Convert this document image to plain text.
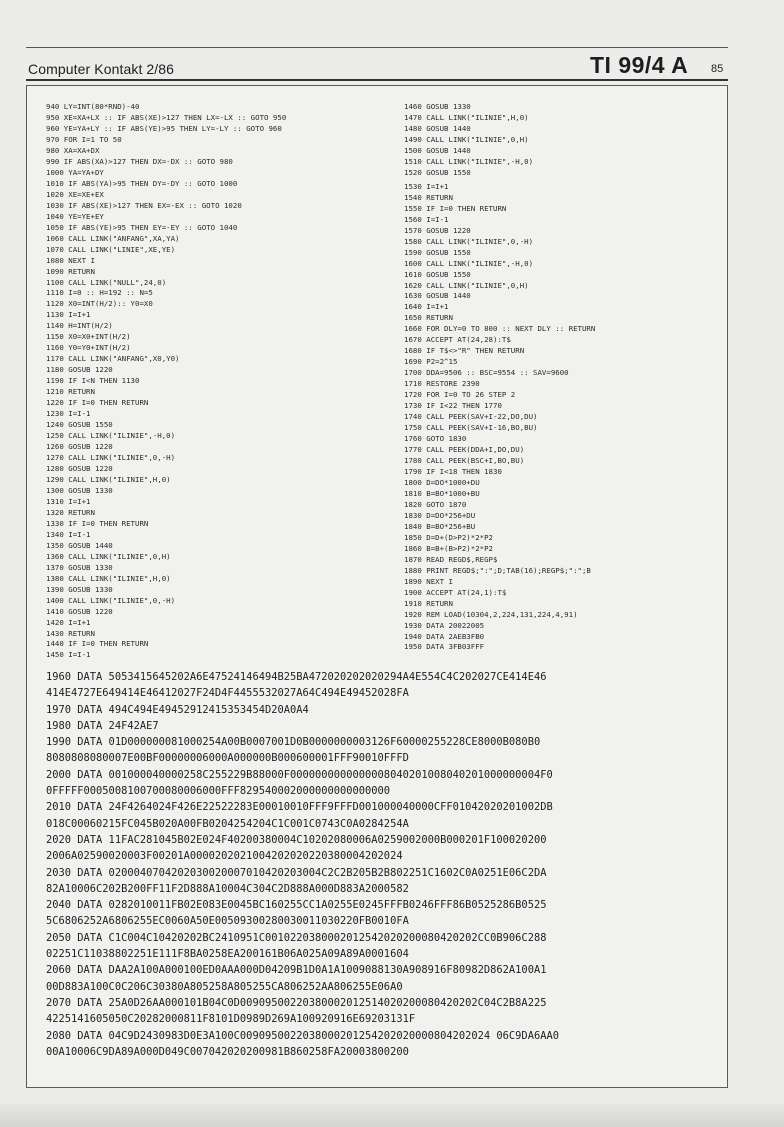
Computer Kontakt 2/86	TI 99/4 A 85
940 LY=INT(80*RND)-40
950 XE=XA+LX :: IF ABS(XE)>127 THEN LX=-LX :: GOTO 950
960 YE=YA+LY :: IF ABS(YE)>95 THEN LY=-LY :: GOTO 960
970 FOR I=1 TO 50
980 XA=XA+DX
990 IF ABS(XA)>127 THEN DX=-DX :: GOTO 980
1000 YA=YA+DY
1010 IF ABS(YA)>95 THEN DY=-DY :: GOTO 1000
1020 XE=XE+EX
1030 IF ABS(XE)>127 THEN EX=-EX :: GOTO 1020
1040 YE=YE+EY
1050 IF ABS(YE)>95 THEN EY=-EY :: GOTO 1040
1060 CALL LINK("ANFANG",XA,YA)
1070 CALL LINK("LINIE",XE,YE)
1080 NEXT I
1090 RETURN
1100 CALL LINK("NULL",24,0)
1110 I=0 :: H=192 :: N=5
1120 X0=INT(H/2):: Y0=X0
1130 I=I+1
1140 H=INT(H/2)
1150 X0=X0+INT(H/2)
1160 Y0=Y0+INT(H/2)
1170 CALL LINK("ANFANG",X0,Y0)
1180 GOSUB 1220
1190 IF I<N THEN 1130
1210 RETURN
1220 IF I=0 THEN RETURN
1230 I=I-1
1240 GOSUB 1550
1250 CALL LINK("ILINIE",-H,0)
1260 GOSUB 1220
1270 CALL LINK("ILINIE",0,-H)
1280 GOSUB 1220
1290 CALL LINK("ILINIE",H,0)
1300 GOSUB 1330
1310 I=I+1
1320 RETURN
1330 IF I=0 THEN RETURN
1340 I=I-1
1350 GOSUB 1440
1360 CALL LINK("ILINIE",0,H)
1370 GOSUB 1330
1380 CALL LINK("ILINIE",H,0)
1390 GOSUB 1330
1400 CALL LINK("ILINIE",0,-H)
1410 GOSUB 1220
1420 I=I+1
1430 RETURN
1440 IF I=0 THEN RETURN
1450 I=I-1
1460 GOSUB 1330
1470 CALL LINK("ILINIE",H,0)
1480 GOSUB 1440
1490 CALL LINK("ILINIE",0,H)
1500 GOSUB 1440
1510 CALL LINK("ILINIE",-H,0)
1520 GOSUB 1550
1530 I=I+1
1540 RETURN
1550 IF I=0 THEN RETURN
1560 I=I-1
1570 GOSUB 1220
1580 CALL LINK("ILINIE",0,-H)
1590 GOSUB 1550
1600 CALL LINK("ILINIE",-H,0)
1610 GOSUB 1550
1620 CALL LINK("ILINIE",0,H)
1630 GOSUB 1440
1640 I=I+1
1650 RETURN
1660 FOR DLY=0 TO 800 :: NEXT DLY :: RETURN
1670 ACCEPT AT(24,28):T$
1680 IF T$<>"R" THEN RETURN
1690 P2=2^15
1700 DDA=9506 :: BSC=9554 :: SAV=9600
1710 RESTORE 2390
1720 FOR I=0 TO 26 STEP 2
1730 IF I<22 THEN 1770
1740 CALL PEEK(SAV+I-22,DO,DU)
1750 CALL PEEK(SAV+I-16,BO,BU)
1760 GOTO 1830
1770 CALL PEEK(DDA+I,DO,DU)
1780 CALL PEEK(BSC+I,BO,BU)
1790 IF I<18 THEN 1830
1800 D=DO*1000+DU
1810 B=BO*1000+BU
1820 GOTO 1870
1830 D=DO*256+DU
1840 B=BO*256+BU
1850 D=D+(D>P2)*2*P2
1860 B=B+(B>P2)*2*P2
1870 READ REGD$,REGP$
1880 PRINT REGD$;":";D;TAB(16);REGP$;":";B
1890 NEXT I
1900 ACCEPT AT(24,1):T$
1910 RETURN
1920 REM LOAD(10304,2,224,131,224,4,91)
1930 DATA 20022005
1940 DATA 2AEB3FB0
1950 DATA 3FB03FFF
1960 DATA 5053415645202A6E47524146494B25BA472020202020294A4E554C4C202027CE414E46
414E4727E649414E46412027F24D4F4455532027A64C494E49452028FA
1970 DATA 494C494E49452912415353454D20A0A4
1980 DATA 24F42AE7
1990 DATA 01D000000081000254A00B0007001D0B0000000003126F60000255228CE8000B080B0
8080808080007E00BF00000006000A000000B000600001FFF90010FFFD
2000 DATA 001000040000258C255229B88000F0000000000000008040201008040201000000004F0
0FFFFF0005008100700080006000FFF829540002000000000000000
2010 DATA 24F4264024F426E22522283E00010010FFF9FFFD001000040000CFF01042020201002DB
018C00060215FC045B020A00FB0204254204C1C001C0743C0A0284254A
2020 DATA 11FAC281045B02E024F40200380004C10202080006A0259002000B000201F100020200
2006A02590020003F00201A0000202021004202020220380004202024
2030 DATA 0200040704202030020007010420203004C2C2B205B2B802251C1602C0A0251E06C2DA
82A10006C202B200FF11F2D888A10004C304C2D888A000D883A2000582
2040 DATA 0282010011FB02E083E0045BC160255CC1A0255E0245FFFB0246FFF86B0525286B0525
5C6806252A6806255EC0060A50E00509300280030011030220FB0010FA
2050 DATA C1C004C10420202BC2410951C0010220380002012542020200080420202CC0B906C288
02251C11038802251E111F8BA0258EA200161B06A025A09A89A0001604
2060 DATA DAA2A100A000100ED0AAA000D04209B1D0A1A1009088130A908916F80982D862A100A1
00D883A100C0C206C30380A805258A805255CA806252AA806255E06A0
2070 DATA 25A0D26AA000101B04C0D00909500220380002012514020200080420202C04C2B8A225
4225141605050C20282000811F8101D0989D269A100920916E69203131F
2080 DATA 04C9D2430983D0E3A100C0090950022038000201254202020000804202024 06C9DA6AA0
00A10006C9DA89A000D049C007042020200981B860258FA20003800200
